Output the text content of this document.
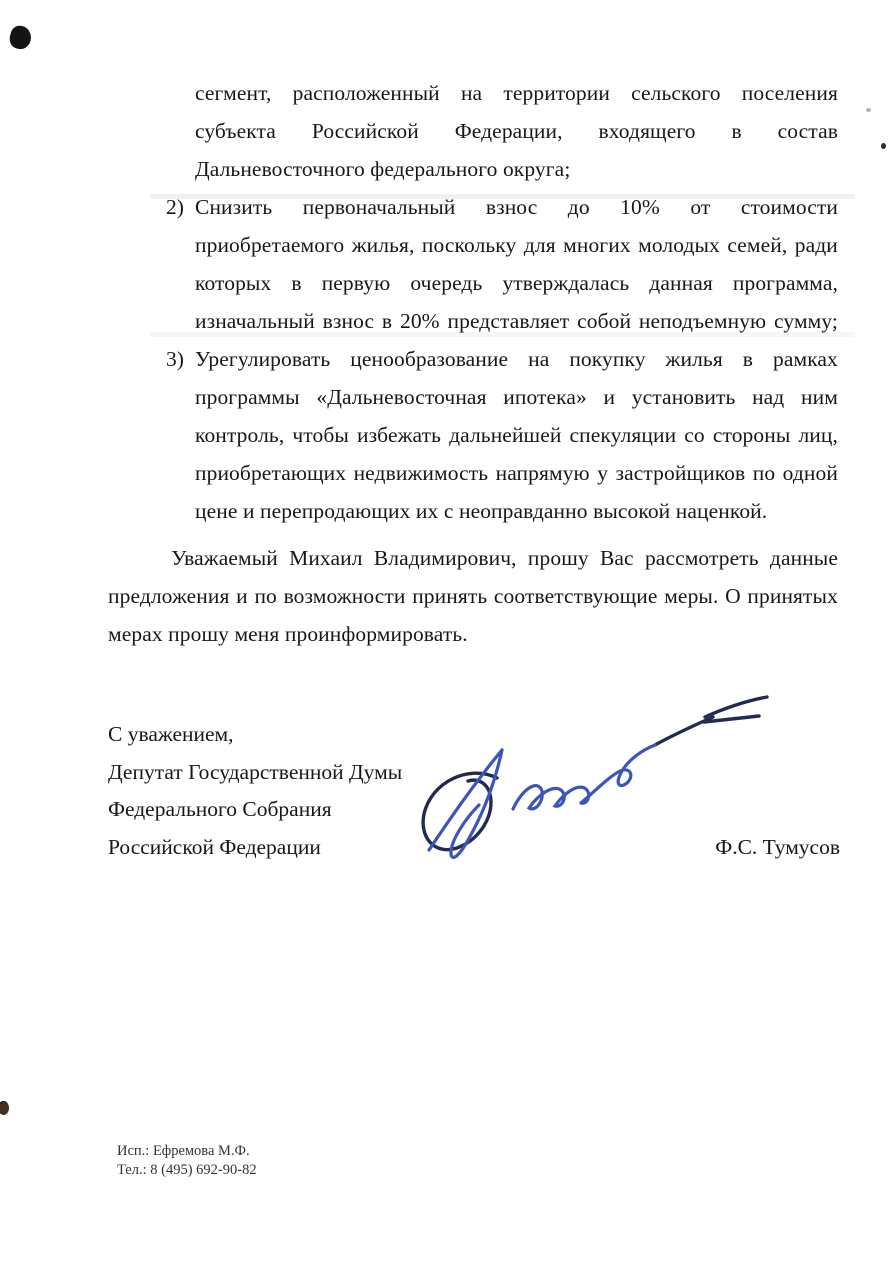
сегмент, расположенный на территории сельского поселения
субъекта Российской Федерации, входящего в состав
Дальневосточного федерального округа;
2) Снизить первоначальный взнос до 10% от стоимости
приобретаемого жилья, поскольку для многих молодых семей, ради
которых в первую очередь утверждалась данная программа,
изначальный взнос в 20% представляет собой неподъемную сумму;
3) Урегулировать ценообразование на покупку жилья в рамках
программы «Дальневосточная ипотека» и установить над ним
контроль, чтобы избежать дальнейшей спекуляции со стороны лиц,
приобретающих недвижимость напрямую у застройщиков по одной
цене и перепродающих их с неоправданно высокой наценкой.
Уважаемый Михаил Владимирович, прошу Вас рассмотреть данные
предложения и по возможности принять соответствующие меры. О принятых
мерах прошу меня проинформировать.
С уважением,
Депутат Государственной Думы
Федерального Собрания
Российской Федерации	Ф.С. Тумусов
Исп.: Ефремова М.Ф.
Тел.: 8 (495) 692-90-82
